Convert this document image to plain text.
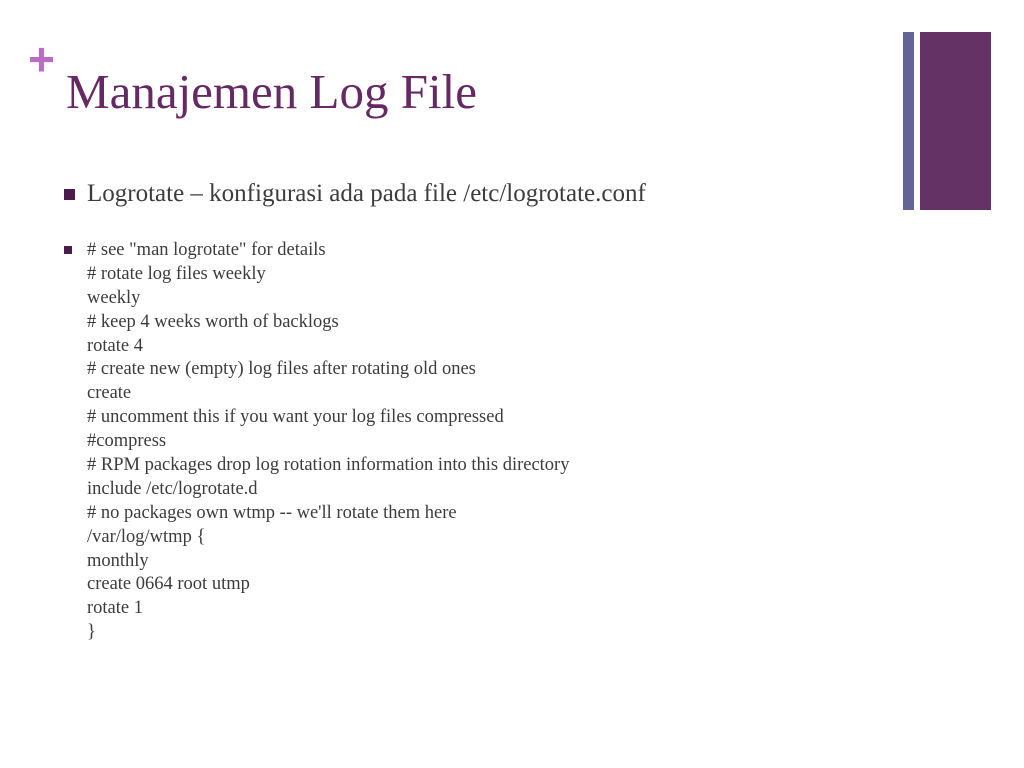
+
Manajemen Log File
Logrotate – konfigurasi ada pada file /etc/logrotate.conf
# see "man logrotate" for details
# rotate log files weekly
weekly
# keep 4 weeks worth of backlogs
rotate 4
# create new (empty) log files after rotating old ones
create
# uncomment this if you want your log files compressed
#compress
# RPM packages drop log rotation information into this directory
include /etc/logrotate.d
# no packages own wtmp -- we'll rotate them here
/var/log/wtmp {
monthly
create 0664 root utmp
rotate 1
}
